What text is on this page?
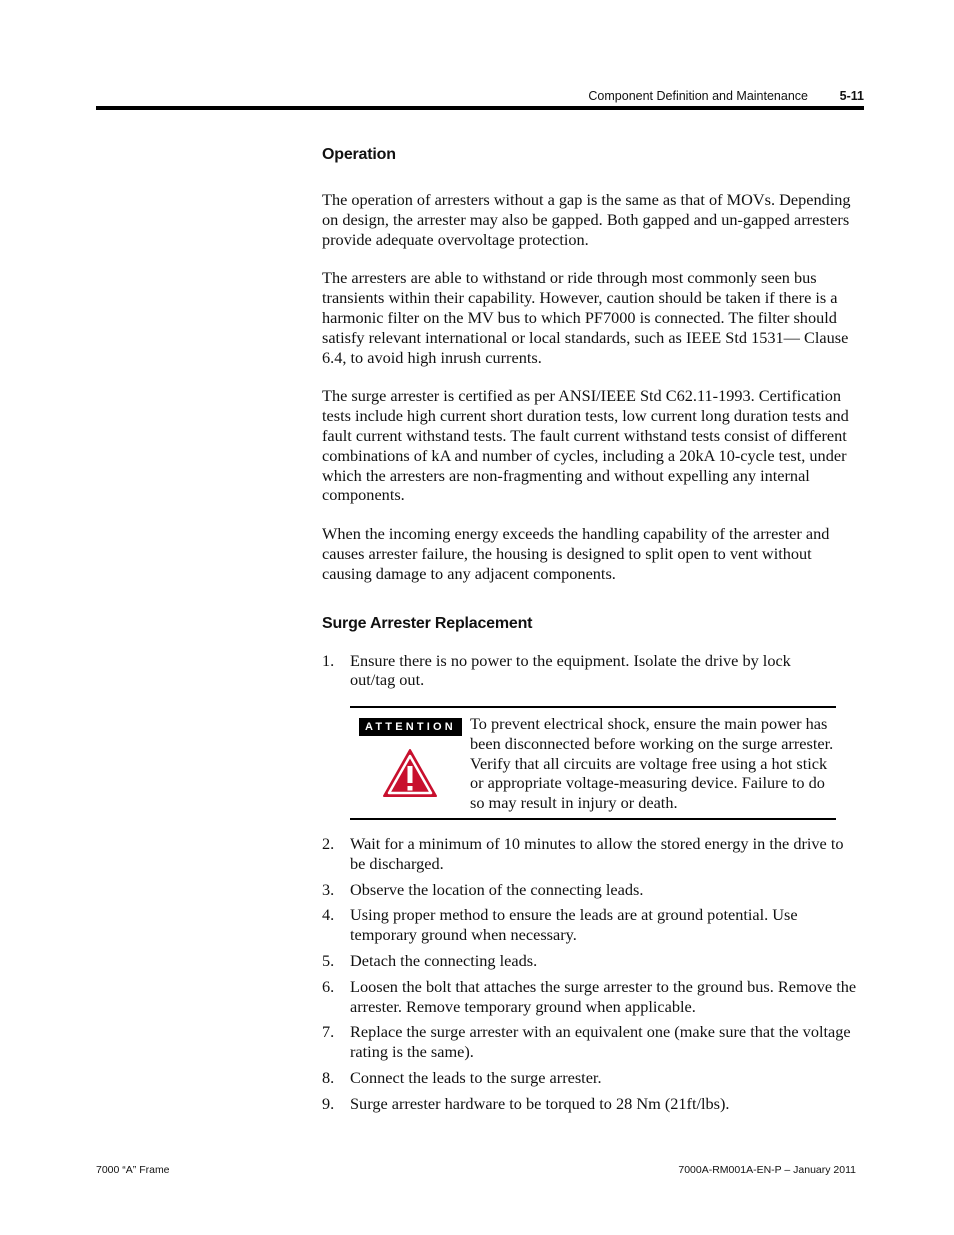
Component Definition and Maintenance	5-11
Operation

The operation of arresters without a gap is the same as that of MOVs. Depending on design, the arrester may also be gapped. Both gapped and un-gapped arresters provide adequate overvoltage protection.

The arresters are able to withstand or ride through most commonly seen bus transients within their capability. However, caution should be taken if there is a harmonic filter on the MV bus to which PF7000 is connected. The filter should satisfy relevant international or local standards, such as IEEE Std 1531— Clause 6.4, to avoid high inrush currents.

The surge arrester is certified as per ANSI/IEEE Std C62.11-1993. Certification tests include high current short duration tests, low current long duration tests and fault current withstand tests. The fault current withstand tests consist of different combinations of kA and number of cycles, including a 20kA 10-cycle test, under which the arresters are non-fragmenting and without expelling any internal components.

When the incoming energy exceeds the handling capability of the arrester and causes arrester failure, the housing is designed to split open to vent without causing damage to any adjacent components.

Surge Arrester Replacement
1. Ensure there is no power to the equipment. Isolate the drive by lock out/tag out.
ATTENTION To prevent electrical shock, ensure the main power has been disconnected before working on the surge arrester. Verify that all circuits are voltage free using a hot stick or appropriate voltage-measuring device. Failure to do so may result in injury or death.
2. Wait for a minimum of 10 minutes to allow the stored energy in the drive to be discharged.
3. Observe the location of the connecting leads.
4. Using proper method to ensure the leads are at ground potential. Use temporary ground when necessary.
5. Detach the connecting leads.
6. Loosen the bolt that attaches the surge arrester to the ground bus. Remove the arrester. Remove temporary ground when applicable.
7. Replace the surge arrester with an equivalent one (make sure that the voltage rating is the same).
8. Connect the leads to the surge arrester.
9. Surge arrester hardware to be torqued to 28 Nm (21ft/lbs).
7000 “A” Frame	7000A-RM001A-EN-P – January 2011
